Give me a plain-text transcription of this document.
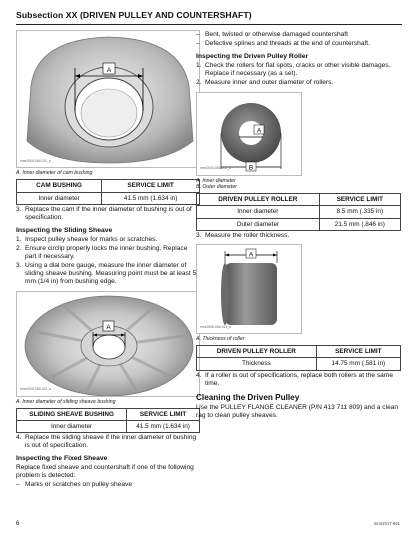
Subsection XX (DRIVEN PULLEY AND COUNTERSHAFT)
A
mmr2008-064-011_a
A. Inner diameter of cam bushing
CAM BUSHING	SERVICE LIMIT
Inner diameter	41.5 mm (1.634 in)
3. Replace the cam if the inner diameter of bushing is out of specification.
Inspecting the Sliding Sheave
1. Inspect pulley sheave for marks or scratches.
2. Ensure circlip properly locks the inner bushing. Replace part if necessary.
3. Using a dial bore gauge, measure the inner diameter of sliding sheave bushing. Measuring point must be at least 5 mm (1/4 in) from bushing edge.
A
mmr2008-064-023_a
A. Inner diameter of sliding sheave bushing
SLIDING SHEAVE BUSHING	SERVICE LIMIT
Inner diameter	41.5 mm (1.634 in)
4. Replace the sliding sheave if the inner diameter of bushing is out of specification.
Inspecting the Fixed Sheave
Replace fixed sheave and countershaft if one of the following problem is detected:
– Marks or scratches on pulley sheave
– Bent, twisted or otherwise damaged countershaft
– Defective splines and threads at the end of countershaft.
Inspecting the Driven Pulley Roller
1. Check the rollers for flat spots, cracks or other visible damages. Replace if necessary (as a set).
2. Measure inner and outer diameter of rollers.
A
B
mmr2008-064-003_a
A. Inner diameter
B. Outer diameter
DRIVEN PULLEY ROLLER	SERVICE LIMIT
Inner diameter	8.5 mm (.335 in)
Outer diameter	21.5 mm (.846 in)
3. Measure the roller thickness.
A
mmr2008-064-013_a
A. Thickness of roller
DRIVEN PULLEY ROLLER	SERVICE LIMIT
Thickness	14.75 mm (.581 in)
4. If a roller is out of specifications, replace both rollers at the same time.
Cleaning the Driven Pulley
Use the PULLEY FLANGE CLEANER (P/N 413 711 809) and a clean rag to clean pulley sheaves.
6	mmr2017-661
